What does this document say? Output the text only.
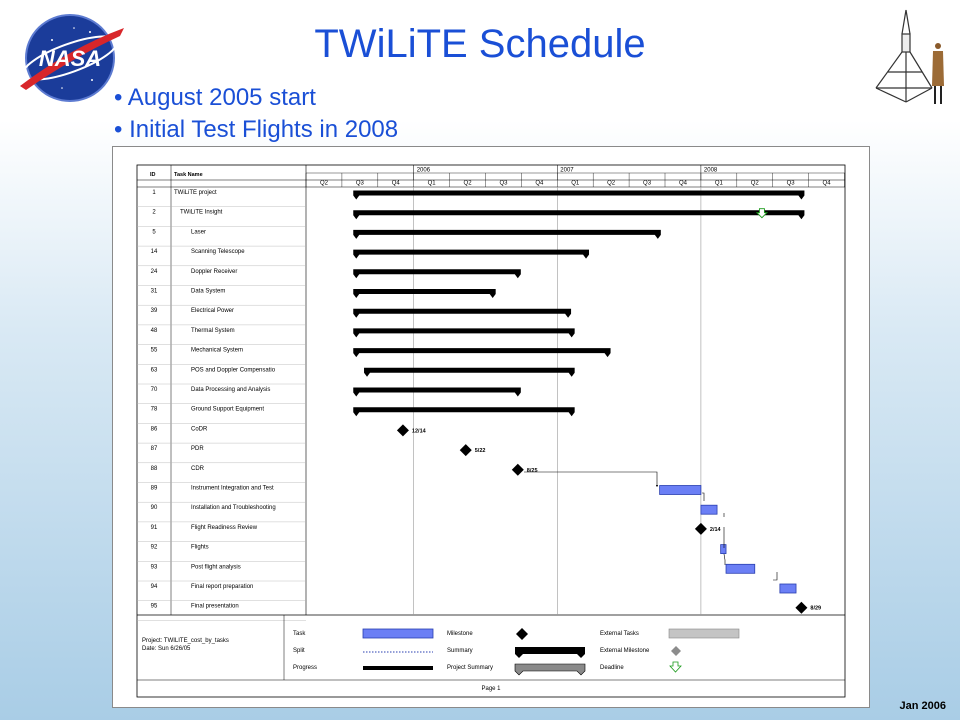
NASA	TWiLiTE Schedule
• August 2005 start
• Initial Test Flights in 2008
ID	Task Name
2006	2007	2008
Q2	Q3	Q4	Q1	Q2	Q3	Q4	Q1	Q2	Q3	Q4	Q1	Q2	Q3	Q4
1	TWiLiTE project
2	TWiLiTE Insight
5	Laser
14	Scanning Telescope
24	Doppler Receiver
31	Data System
39	Electrical Power
48	Thermal System
55	Mechanical System
63	POS and Doppler Compensatio
70	Data Processing and Analysis
78	Ground Support Equipment
86	CoDR
87	PDR
88	CDR
89	Instrument Integration and Test
90	Installation and Troubleshooting
91	Flight Readiness Review
92	Flights
93	Post flight analysis
94	Final report preparation
95	Final presentation
12/14
5/22
8/25
2/14
8/29
Project: TWILITE_cost_by_tasks
Date: Sun 6/26/05
Task
Split
Progress
Milestone
Summary
Project Summary
External Tasks
External Milestone
Deadline
Page 1
Jan 2006
